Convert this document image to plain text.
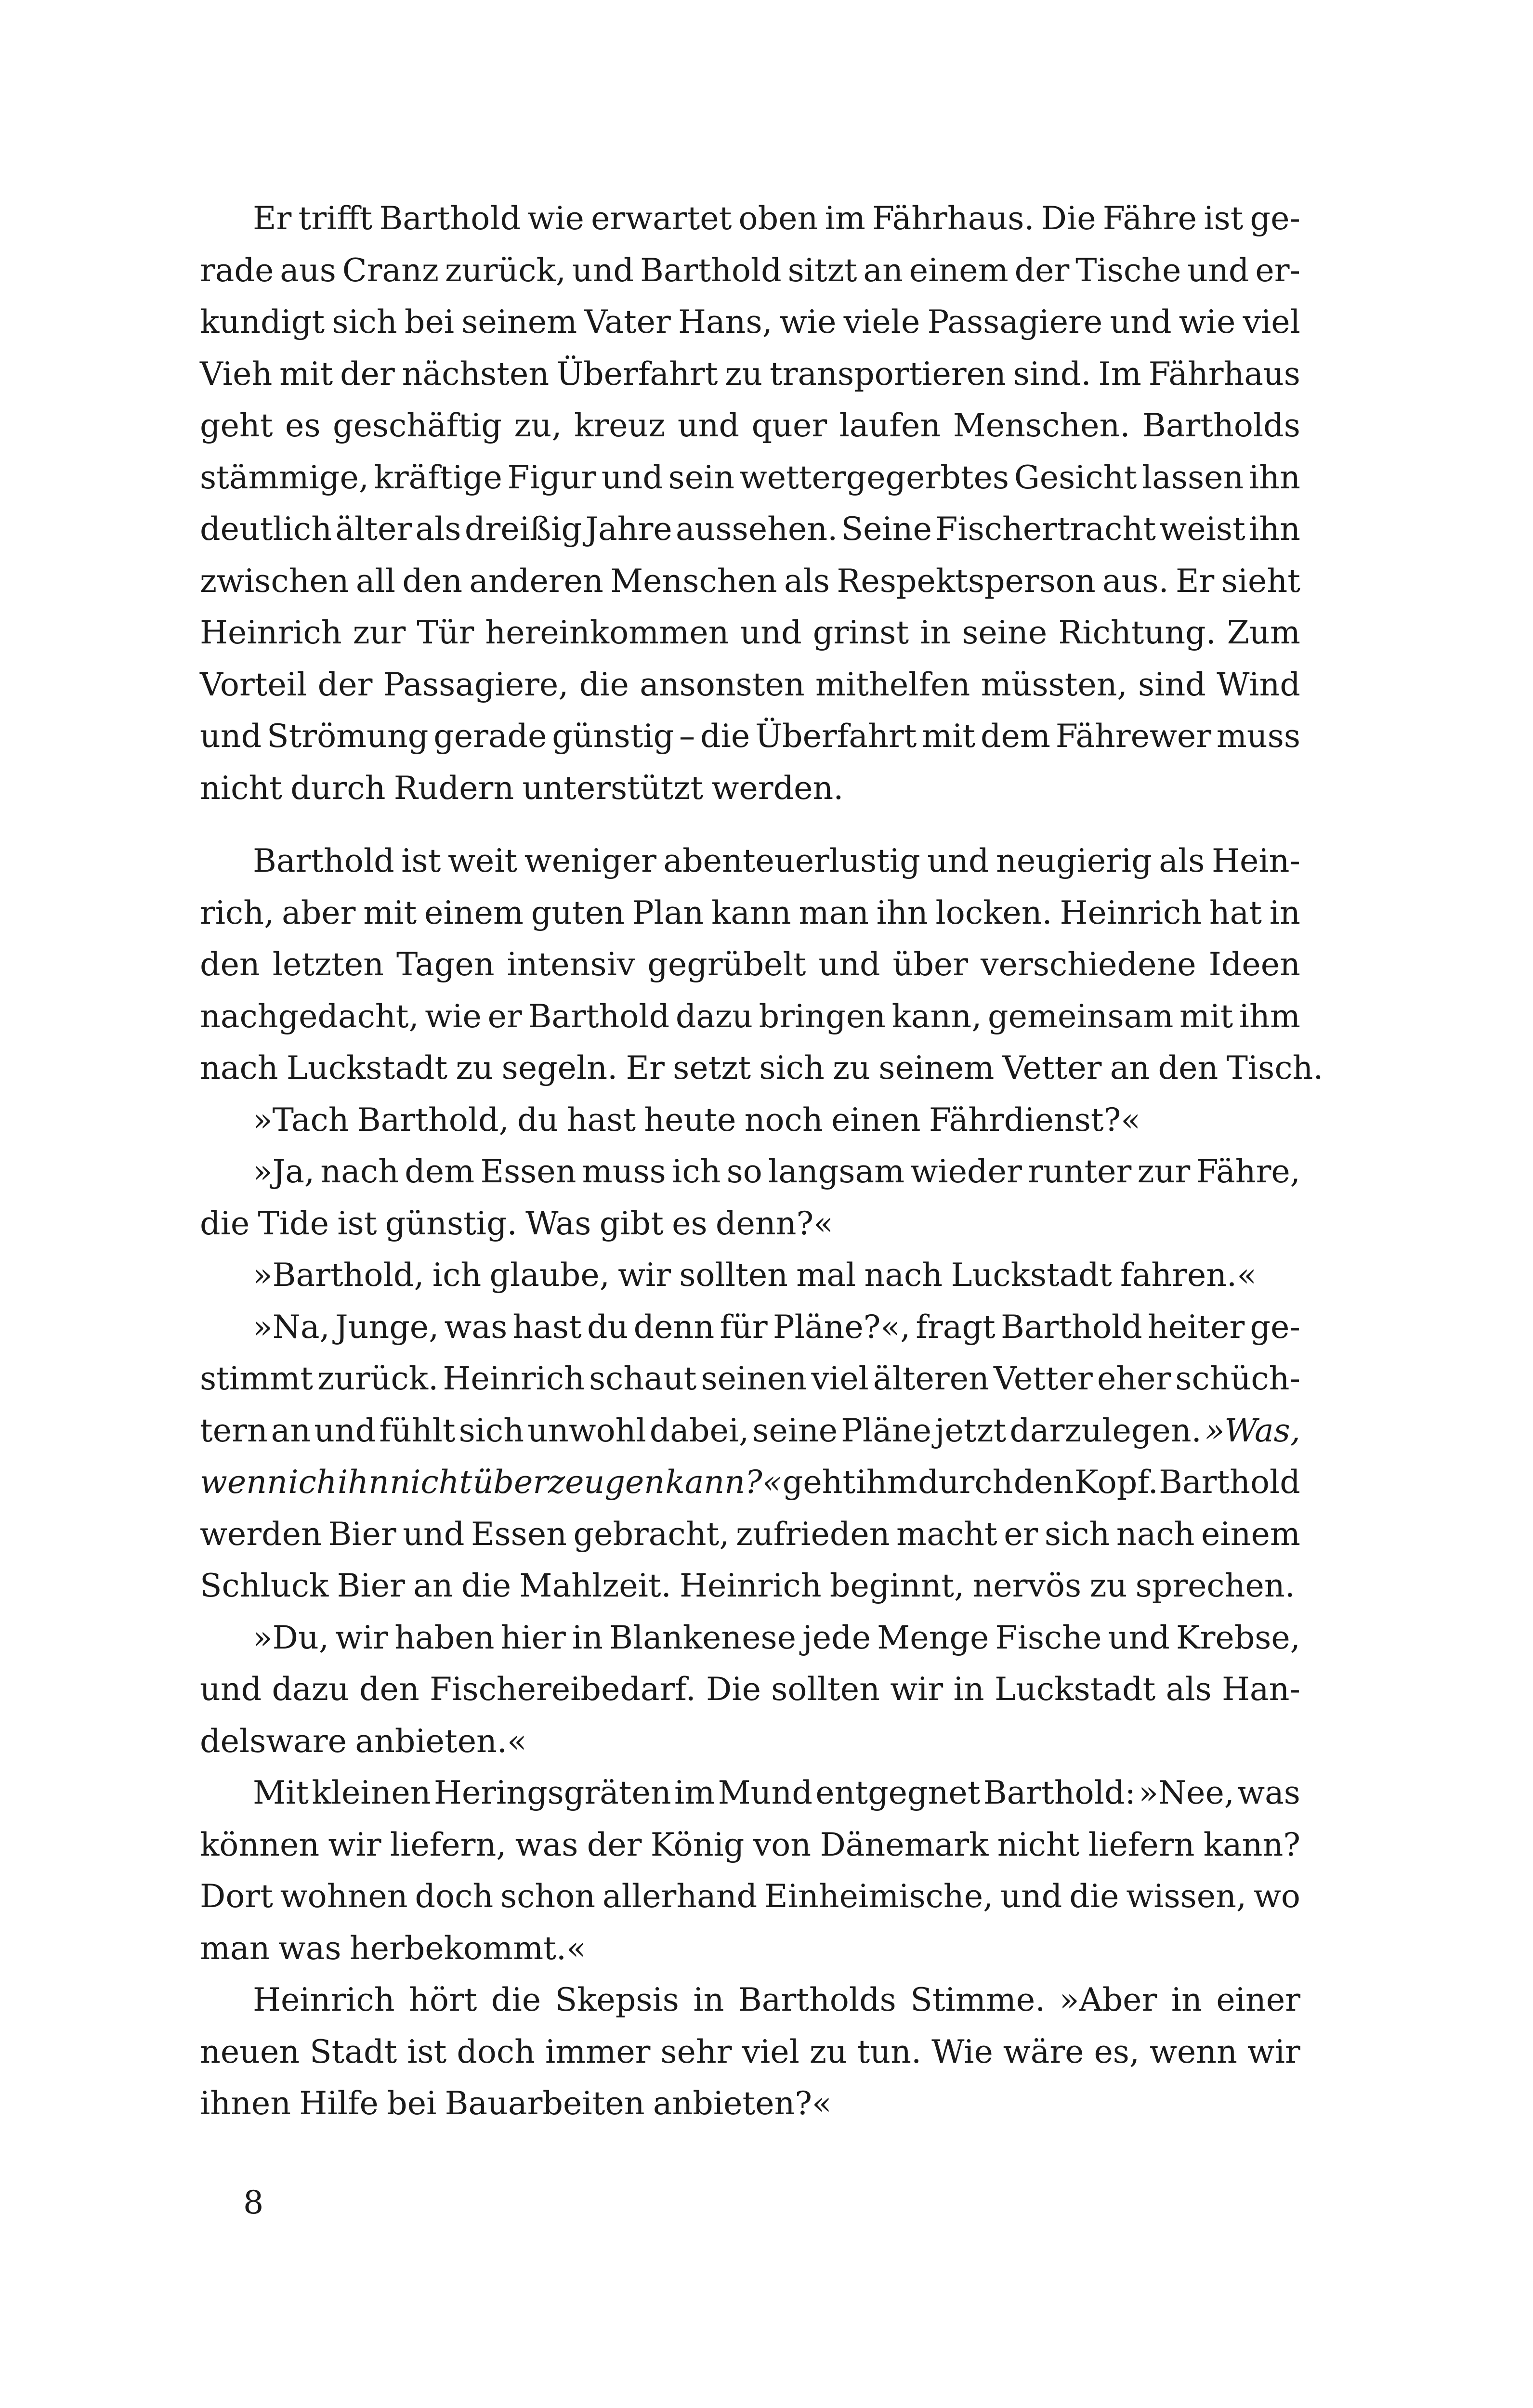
Er trifft Barthold wie erwartet oben im Fährhaus. Die Fähre ist ge-
rade aus Cranz zurück, und Barthold sitzt an einem der Tische und er-
kundigt sich bei seinem Vater Hans, wie viele Passagiere und wie viel
Vieh mit der nächsten Überfahrt zu transportieren sind. Im Fährhaus
geht es geschäftig zu, kreuz und quer laufen Menschen. Bartholds
stämmige, kräftige Figur und sein wettergegerbtes Gesicht lassen ihn
deutlich älter als dreißig Jahre aussehen. Seine Fischertracht weist ihn
zwischen all den anderen Menschen als Respektsperson aus. Er sieht
Heinrich zur Tür hereinkommen und grinst in seine Richtung. Zum
Vorteil der Passagiere, die ansonsten mithelfen müssten, sind Wind
und Strömung gerade günstig – die Überfahrt mit dem Fährewer muss
nicht durch Rudern unterstützt werden.
Barthold ist weit weniger abenteuerlustig und neugierig als Hein-
rich, aber mit einem guten Plan kann man ihn locken. Heinrich hat in
den letzten Tagen intensiv gegrübelt und über verschiedene Ideen
nachgedacht, wie er Barthold dazu bringen kann, gemeinsam mit ihm
nach Luckstadt zu segeln. Er setzt sich zu seinem Vetter an den Tisch.
»Tach Barthold, du hast heute noch einen Fährdienst?«
»Ja, nach dem Essen muss ich so langsam wieder runter zur Fähre,
die Tide ist günstig. Was gibt es denn?«
»Barthold, ich glaube, wir sollten mal nach Luckstadt fahren.«
»Na, Junge, was hast du denn für Pläne?«, fragt Barthold heiter ge-
stimmt zurück. Heinrich schaut seinen viel älteren Vetter eher schüch-
tern an und fühlt sich unwohl dabei, seine Pläne jetzt darzulegen. »Was,
wenn ich ihn nicht überzeugen kann?« geht ihm durch den Kopf. Barthold
werden Bier und Essen gebracht, zufrieden macht er sich nach einem
Schluck Bier an die Mahlzeit. Heinrich beginnt, nervös zu sprechen.
»Du, wir haben hier in Blankenese jede Menge Fische und Krebse,
und dazu den Fischereibedarf. Die sollten wir in Luckstadt als Han-
delsware anbieten.«
Mit kleinen Heringsgräten im Mund entgegnet Barthold: »Nee, was
können wir liefern, was der König von Dänemark nicht liefern kann?
Dort wohnen doch schon allerhand Einheimische, und die wissen, wo
man was herbekommt.«
Heinrich hört die Skepsis in Bartholds Stimme. »Aber in einer
neuen Stadt ist doch immer sehr viel zu tun. Wie wäre es, wenn wir
ihnen Hilfe bei Bauarbeiten anbieten?«
8
